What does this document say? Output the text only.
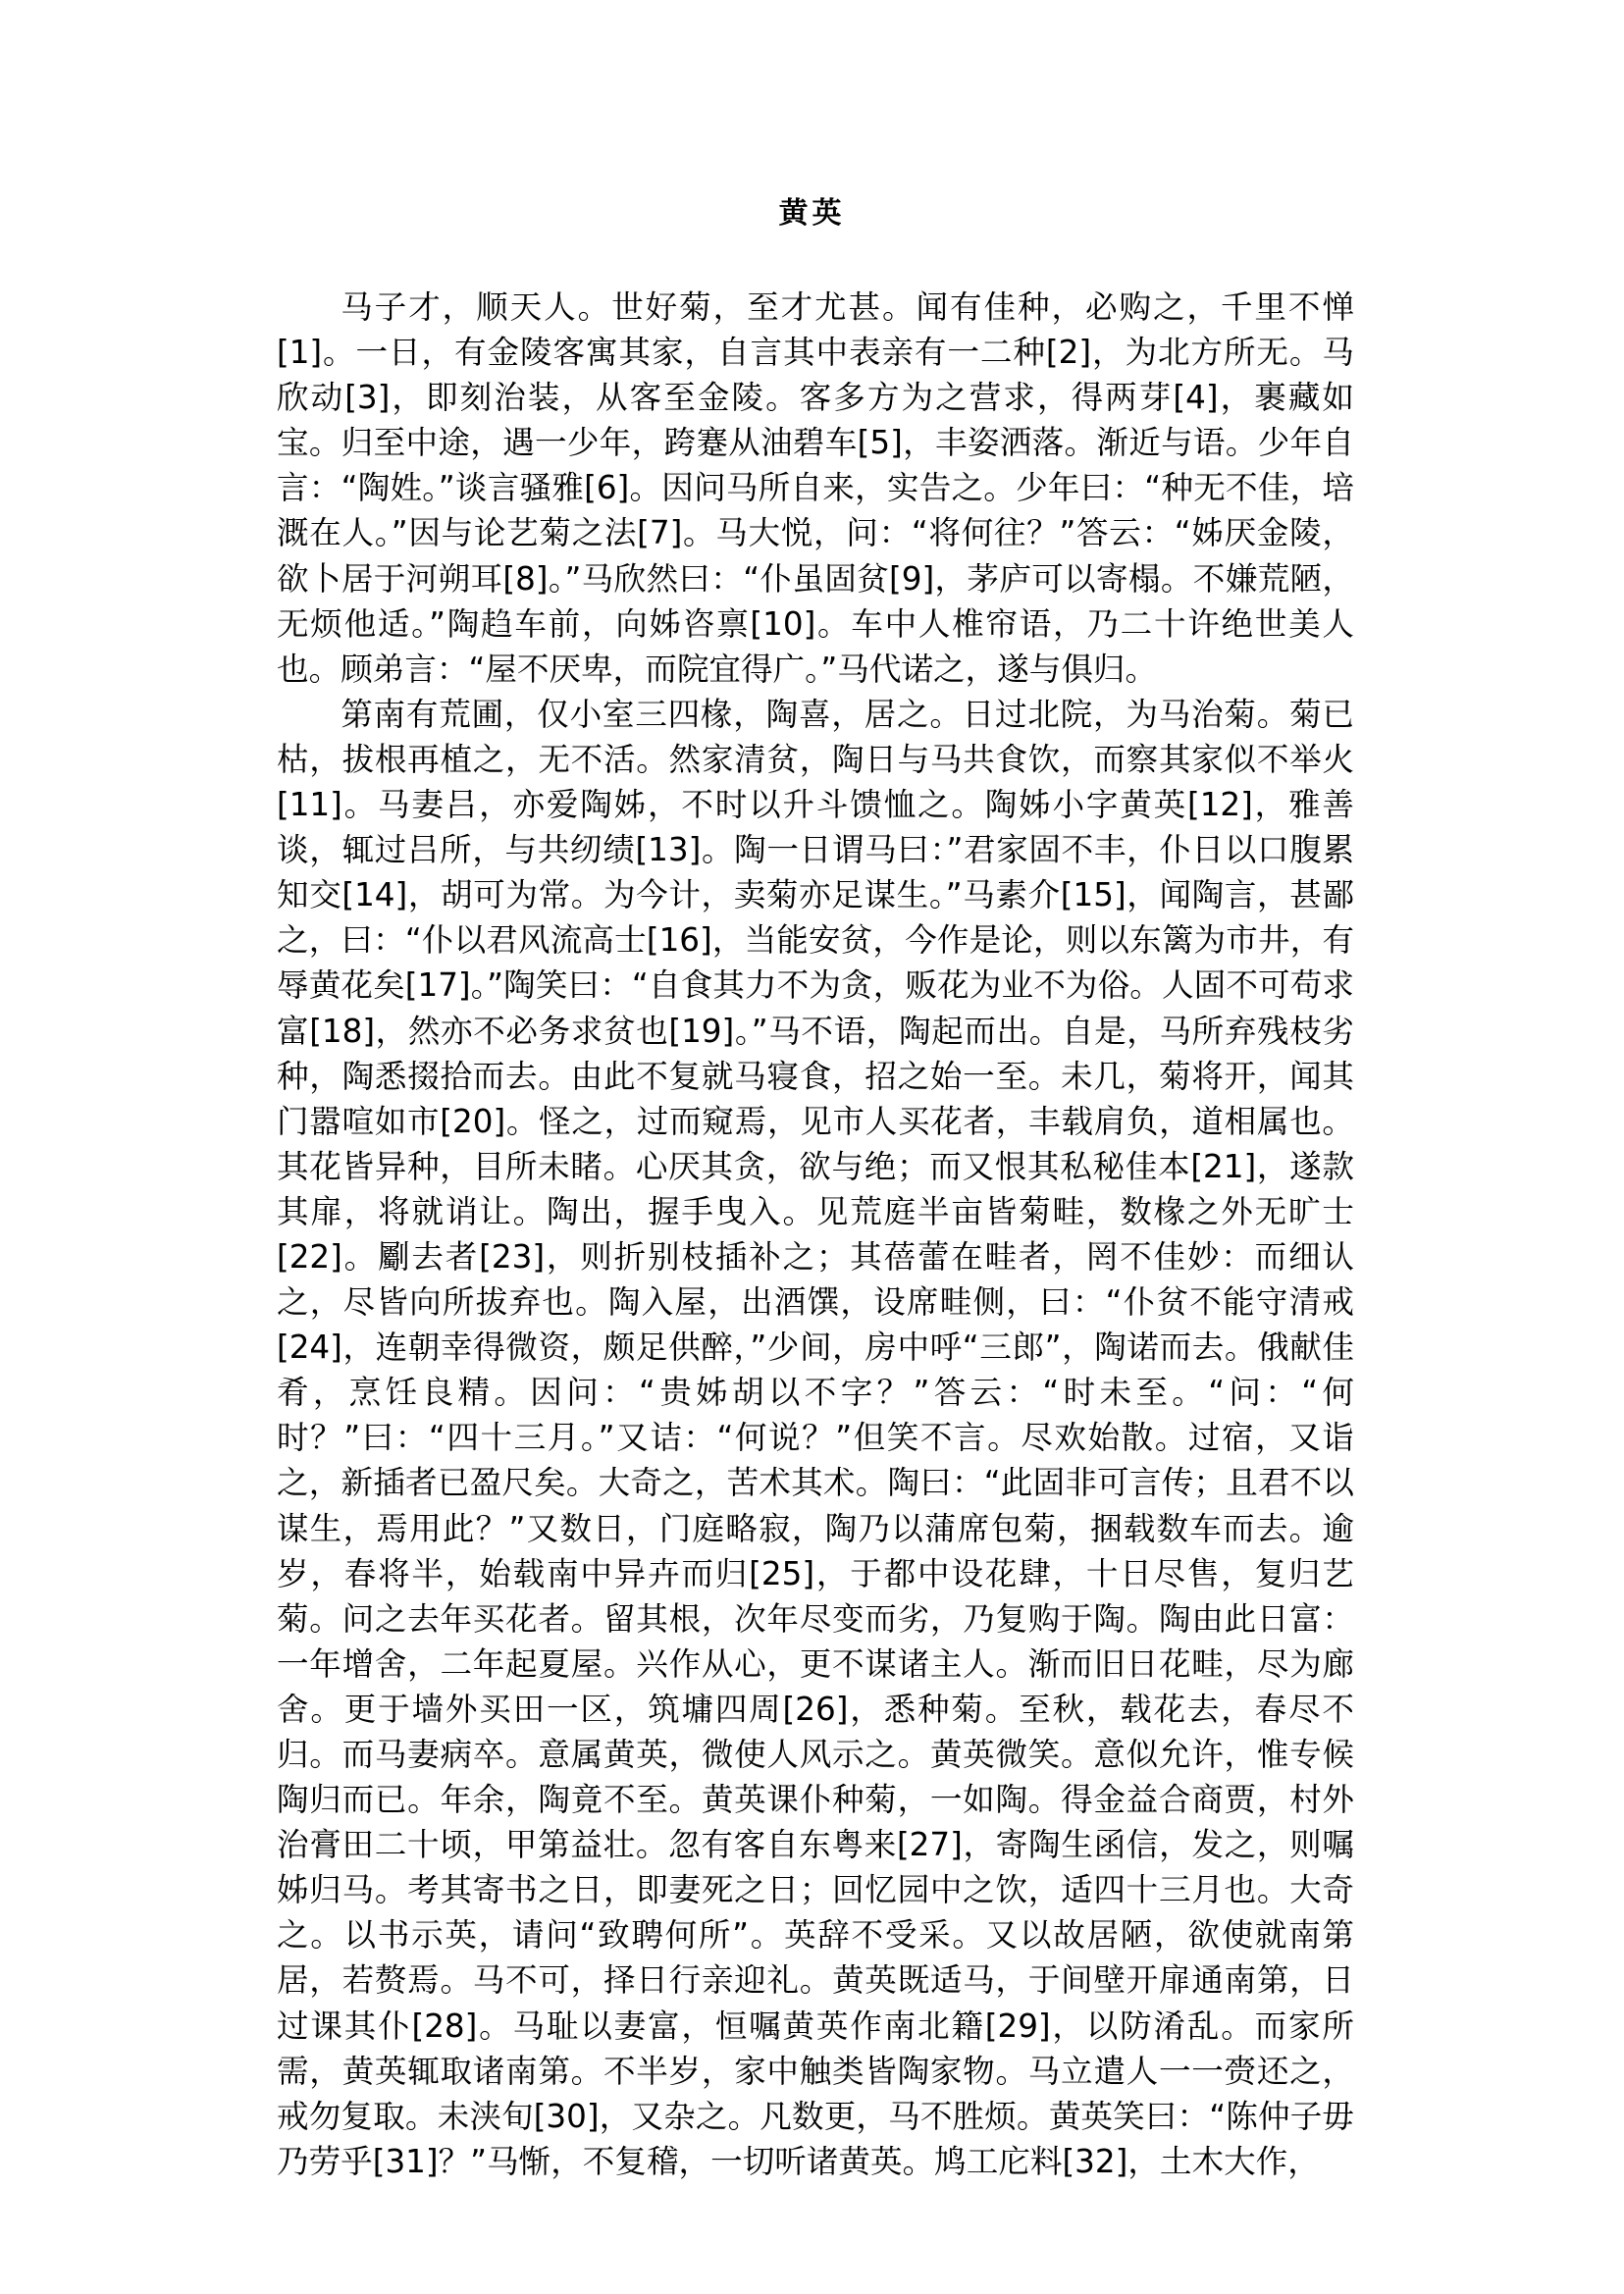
黄英

马子才，顺天人。世好菊，至才尤甚。闻有佳种，必购之，千里不惮[1]。一日，有金陵客寓其家，自言其中表亲有一二种[2]，为北方所无。马欣动[3]，即刻治装，从客至金陵。客多方为之营求，得两芽[4]，裹藏如宝。归至中途，遇一少年，跨蹇从油碧车[5]，丰姿洒落。渐近与语。少年自言：“陶姓。”谈言骚雅[6]。因问马所自来，实告之。少年曰：“种无不佳，培溉在人。”因与论艺菊之法[7]。马大悦，问：“将何往？”答云：“姊厌金陵，欲卜居于河朔耳[8]。”马欣然曰：“仆虽固贫[9]，茅庐可以寄榻。不嫌荒陋，无烦他适。”陶趋车前，向姊咨禀[10]。车中人椎帘语，乃二十许绝世美人也。顾弟言：“屋不厌卑，而院宜得广。”马代诺之，遂与俱归。

第南有荒圃，仅小室三四椽，陶喜，居之。日过北院，为马治菊。菊已枯，拔根再植之，无不活。然家清贫，陶日与马共食饮，而察其家似不举火[11]。马妻吕，亦爱陶姊，不时以升斗馈恤之。陶姊小字黄英[12]，雅善谈，辄过吕所，与共纫绩[13]。陶一日谓马曰：”君家固不丰，仆日以口腹累知交[14]，胡可为常。为今计，卖菊亦足谋生。”马素介[15]，闻陶言，甚鄙之，曰：“仆以君风流高士[16]，当能安贫，今作是论，则以东篱为市井，有辱黄花矣[17]。”陶笑曰：“自食其力不为贪，贩花为业不为俗。人固不可苟求富[18]，然亦不必务求贫也[19]。”马不语，陶起而出。自是，马所弃残枝劣种，陶悉掇拾而去。由此不复就马寝食，招之始一至。未几，菊将开，闻其门嚣喧如市[20]。怪之，过而窥焉，见市人买花者，丰载肩负，道相属也。其花皆异种，目所未睹。心厌其贪，欲与绝；而又恨其私秘佳本[21]，遂款其扉，将就诮让。陶出，握手曳入。见荒庭半亩皆菊畦，数椽之外无旷士[22]。劚去者[23]，则折别枝插补之；其蓓蕾在畦者，罔不佳妙：而细认之，尽皆向所拔弃也。陶入屋，出酒馔，设席畦侧，曰：“仆贫不能守清戒[24]，连朝幸得微资，颇足供醉，”少间，房中呼“三郎”，陶诺而去。俄献佳肴，烹饪良精。因问：“贵姊胡以不字？”答云：“时未至。“问：“何时？”曰：“四十三月。”又诘：“何说？”但笑不言。尽欢始散。过宿，又诣之，新插者已盈尺矣。大奇之，苦术其术。陶曰：“此固非可言传；且君不以谋生，焉用此？”又数日，门庭略寂，陶乃以蒲席包菊，捆载数车而去。逾岁，春将半，始载南中异卉而归[25]，于都中设花肆，十日尽售，复归艺菊。问之去年买花者。留其根，次年尽变而劣，乃复购于陶。陶由此日富：一年增舍，二年起夏屋。兴作从心，更不谋诸主人。渐而旧日花畦，尽为廊舍。更于墙外买田一区，筑墉四周[26]，悉种菊。至秋，载花去，春尽不归。而马妻病卒。意属黄英，微使人风示之。黄英微笑。意似允许，惟专候陶归而已。年余，陶竟不至。黄英课仆种菊，一如陶。得金益合商贾，村外治膏田二十顷，甲第益壮。忽有客自东粤来[27]，寄陶生函信，发之，则嘱姊归马。考其寄书之日，即妻死之日；回忆园中之饮，适四十三月也。大奇之。以书示英，请问“致聘何所”。英辞不受采。又以故居陋，欲使就南第居，若赘焉。马不可，择日行亲迎礼。黄英既适马，于间壁开扉通南第，日过课其仆[28]。马耻以妻富，恒嘱黄英作南北籍[29]，以防淆乱。而家所需，黄英辄取诸南第。不半岁，家中触类皆陶家物。马立遣人一一赍还之，戒勿复取。未浃旬[30]，又杂之。凡数更，马不胜烦。黄英笑曰：“陈仲子毋乃劳乎[31]？”马惭，不复稽，一切听诸黄英。鸠工庀料[32]，土木大作，
